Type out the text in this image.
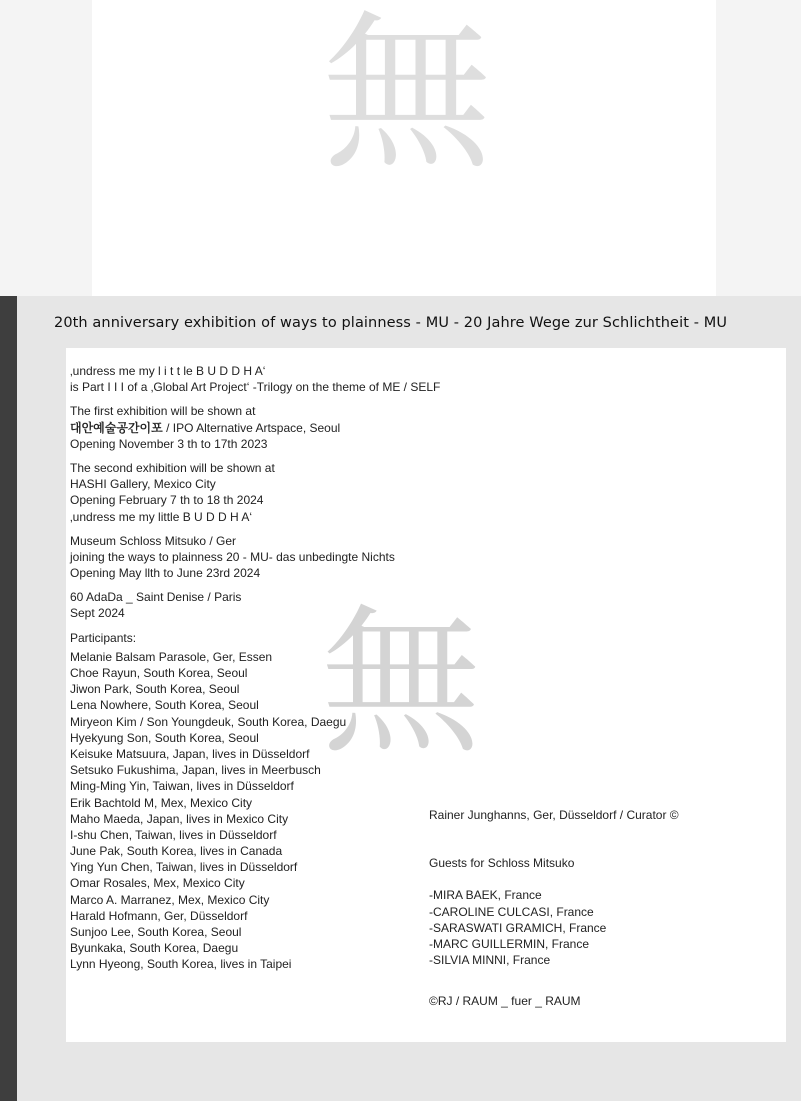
無
20th anniversary exhibition of ways to plainness - MU - 20 Jahre Wege zur Schlichtheit - MU
無
‚undress me my l i t t le B U D D H A‘
is Part I I I of a ‚Global Art Project‘ -Trilogy on the theme of ME / SELF
The first exhibition will be shown at
대안예술공간이포 / IPO Alternative Artspace, Seoul
Opening November 3 th to 17th 2023
The second exhibition will be shown at
HASHI Gallery, Mexico City
Opening February 7 th to 18 th 2024
‚undress me my little B U D D H A‘
Museum Schloss Mitsuko / Ger
joining the ways to plainness 20 - MU- das unbedingte Nichts
Opening May llth to June 23rd 2024
60 AdaDa _ Saint Denise / Paris
Sept 2024
Participants:
Melanie Balsam Parasole, Ger, Essen
Choe Rayun, South Korea, Seoul
Jiwon Park, South Korea, Seoul
Lena Nowhere, South Korea, Seoul
Miryeon Kim / Son Youngdeuk, South Korea, Daegu
Hyekyung Son, South Korea, Seoul
Keisuke Matsuura, Japan, lives in Düsseldorf
Setsuko Fukushima, Japan, lives in Meerbusch
Ming-Ming Yin, Taiwan, lives in Düsseldorf
Erik Bachtold M, Mex, Mexico City
Maho Maeda, Japan, lives in Mexico City
I-shu Chen, Taiwan, lives in Düsseldorf
June Pak, South Korea, lives in Canada
Ying Yun Chen, Taiwan, lives in Düsseldorf
Omar Rosales, Mex, Mexico City
Marco A. Marranez, Mex, Mexico City
Harald Hofmann, Ger, Düsseldorf
Sunjoo Lee, South Korea, Seoul
Byunkaka, South Korea, Daegu
Lynn Hyeong, South Korea, lives in Taipei
Rainer Junghanns, Ger, Düsseldorf / Curator ©
Guests for Schloss Mitsuko
-MIRA BAEK, France
-CAROLINE CULCASI, France
-SARASWATI GRAMICH, France
-MARC GUILLERMIN, France
-SILVIA MINNI, France
©RJ / RAUM _ fuer _ RAUM
